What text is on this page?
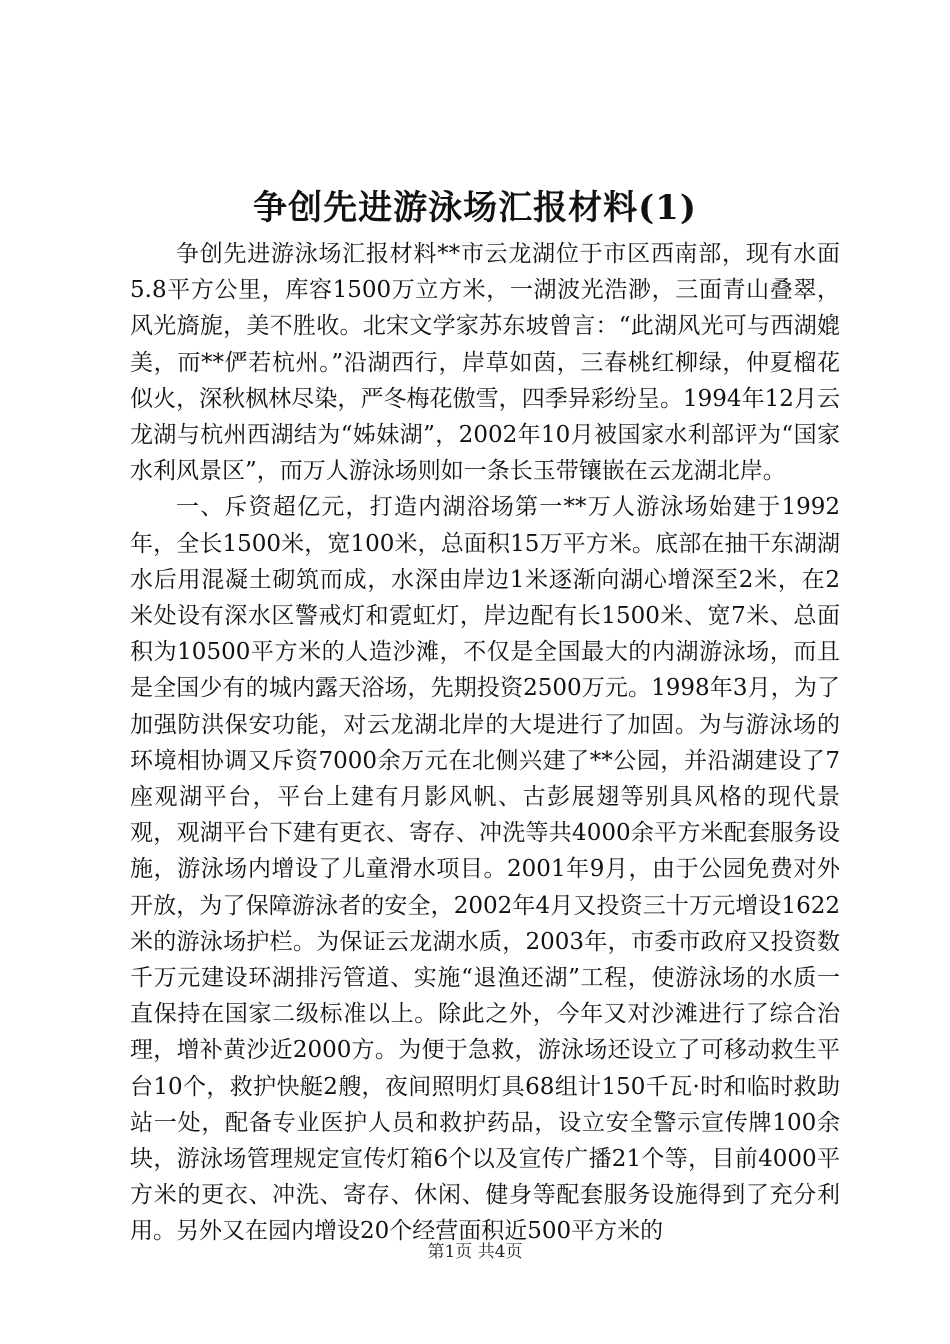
争创先进游泳场汇报材料(1)

争创先进游泳场汇报材料**市云龙湖位于市区西南部，现有水面5.8平方公里，库容1500万立方米，一湖波光浩渺，三面青山叠翠，风光旖旎，美不胜收。北宋文学家苏东坡曾言：“此湖风光可与西湖媲美，而**俨若杭州。”沿湖西行，岸草如茵，三春桃红柳绿，仲夏榴花似火，深秋枫林尽染，严冬梅花傲雪，四季异彩纷呈。1994年12月云龙湖与杭州西湖结为“姊妹湖”，2002年10月被国家水利部评为“国家水利风景区”，而万人游泳场则如一条长玉带镶嵌在云龙湖北岸。

一、斥资超亿元，打造内湖浴场第一**万人游泳场始建于1992年，全长1500米，宽100米，总面积15万平方米。底部在抽干东湖湖水后用混凝土砌筑而成，水深由岸边1米逐渐向湖心增深至2米，在2米处设有深水区警戒灯和霓虹灯，岸边配有长1500米、宽7米、总面积为10500平方米的人造沙滩，不仅是全国最大的内湖游泳场，而且是全国少有的城内露天浴场，先期投资2500万元。1998年3月，为了加强防洪保安功能，对云龙湖北岸的大堤进行了加固。为与游泳场的环境相协调又斥资7000余万元在北侧兴建了**公园，并沿湖建设了7座观湖平台，平台上建有月影风帆、古彭展翅等别具风格的现代景观，观湖平台下建有更衣、寄存、冲洗等共4000余平方米配套服务设施，游泳场内增设了儿童滑水项目。2001年9月，由于公园免费对外开放，为了保障游泳者的安全，2002年4月又投资三十万元增设1622米的游泳场护栏。为保证云龙湖水质，2003年，市委市政府又投资数千万元建设环湖排污管道、实施“退渔还湖”工程，使游泳场的水质一直保持在国家二级标准以上。除此之外，今年又对沙滩进行了综合治理，增补黄沙近2000方。为便于急救，游泳场还设立了可移动救生平台10个，救护快艇2艘，夜间照明灯具68组计150千瓦·时和临时救助站一处，配备专业医护人员和救护药品，设立安全警示宣传牌100余块，游泳场管理规定宣传灯箱6个以及宣传广播21个等，目前4000平方米的更衣、冲洗、寄存、休闲、健身等配套服务设施得到了充分利用。另外又在园内增设20个经营面积近500平方米的

第1页 共4页
